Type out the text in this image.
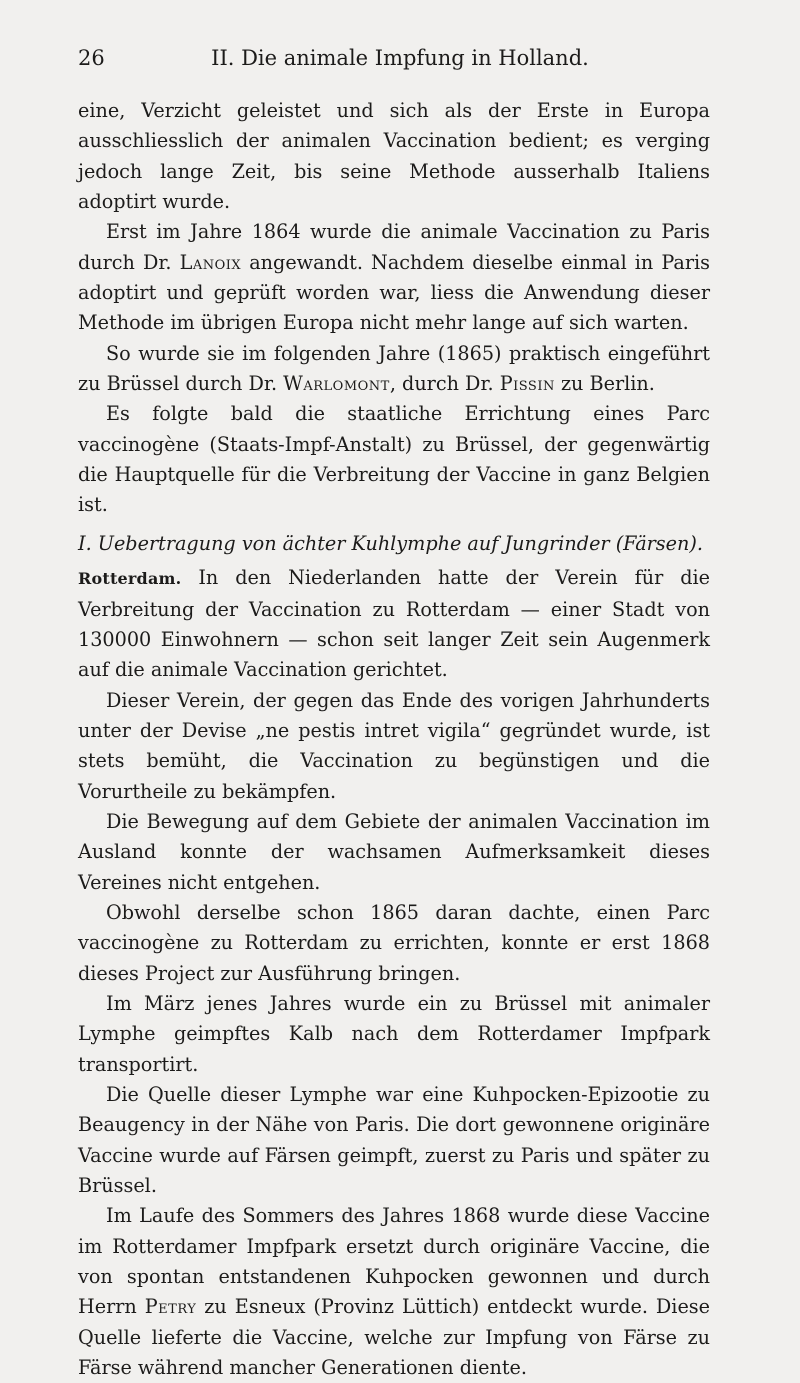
26	II. Die animale Impfung in Holland.

eine, Verzicht geleistet und sich als der Erste in Europa ausschliesslich der animalen Vaccination bedient; es verging jedoch lange Zeit, bis seine Methode ausserhalb Italiens adoptirt wurde.

Erst im Jahre 1864 wurde die animale Vaccination zu Paris durch Dr. Lanoix angewandt. Nachdem dieselbe einmal in Paris adoptirt und geprüft worden war, liess die Anwendung dieser Methode im übrigen Europa nicht mehr lange auf sich warten.

So wurde sie im folgenden Jahre (1865) praktisch eingeführt zu Brüssel durch Dr. Warlomont, durch Dr. Pissin zu Berlin.

Es folgte bald die staatliche Errichtung eines Parc vaccinogène (Staats-Impf-Anstalt) zu Brüssel, der gegenwärtig die Hauptquelle für die Verbreitung der Vaccine in ganz Belgien ist.

I. Uebertragung von ächter Kuhlymphe auf Jungrinder (Färsen).

Rotterdam. In den Niederlanden hatte der Verein für die Verbreitung der Vaccination zu Rotterdam — einer Stadt von 130000 Einwohnern — schon seit langer Zeit sein Augenmerk auf die animale Vaccination gerichtet.

Dieser Verein, der gegen das Ende des vorigen Jahrhunderts unter der Devise „ne pestis intret vigila“ gegründet wurde, ist stets bemüht, die Vaccination zu begünstigen und die Vorurtheile zu bekämpfen.

Die Bewegung auf dem Gebiete der animalen Vaccination im Ausland konnte der wachsamen Aufmerksamkeit dieses Vereines nicht entgehen.

Obwohl derselbe schon 1865 daran dachte, einen Parc vaccinogène zu Rotterdam zu errichten, konnte er erst 1868 dieses Project zur Ausführung bringen.

Im März jenes Jahres wurde ein zu Brüssel mit animaler Lymphe geimpftes Kalb nach dem Rotterdamer Impfpark transportirt.

Die Quelle dieser Lymphe war eine Kuhpocken-Epizootie zu Beaugency in der Nähe von Paris. Die dort gewonnene originäre Vaccine wurde auf Färsen geimpft, zuerst zu Paris und später zu Brüssel.

Im Laufe des Sommers des Jahres 1868 wurde diese Vaccine im Rotterdamer Impfpark ersetzt durch originäre Vaccine, die von spontan entstandenen Kuhpocken gewonnen und durch Herrn Petry zu Esneux (Provinz Lüttich) entdeckt wurde. Diese Quelle lieferte die Vaccine, welche zur Impfung von Färse zu Färse während mancher Generationen diente.
